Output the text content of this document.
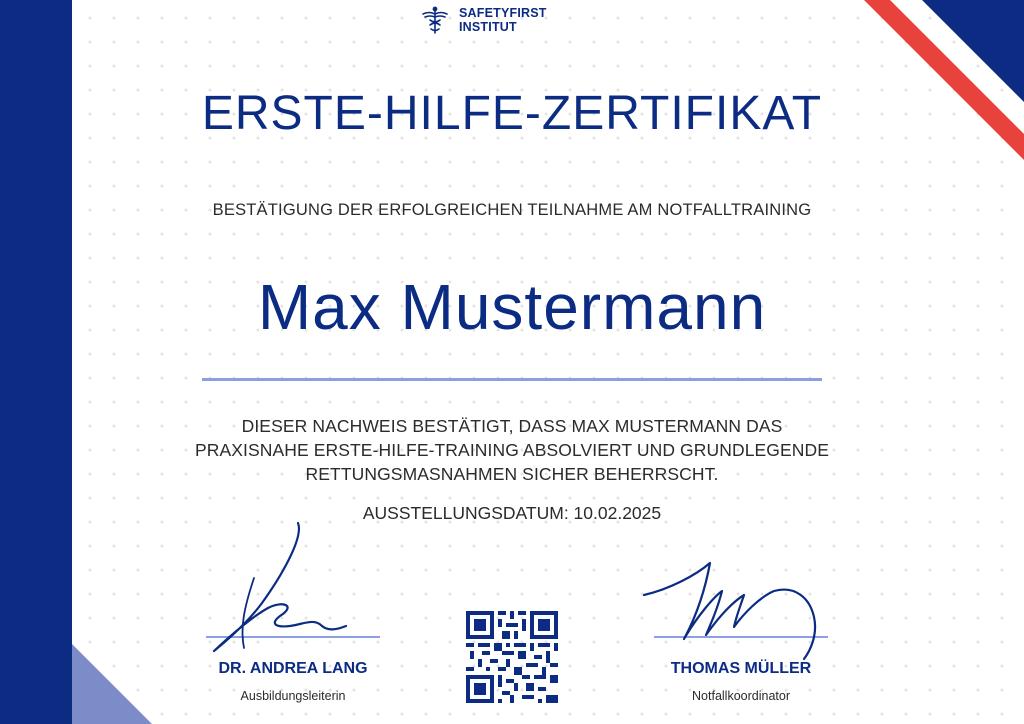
SAFETYFIRST
INSTITUT
ERSTE-HILFE-ZERTIFIKAT
BESTÄTIGUNG DER ERFOLGREICHEN TEILNAHME AM NOTFALLTRAINING
Max Mustermann
DIESER NACHWEIS BESTÄTIGT, DASS MAX MUSTERMANN DAS
PRAXISNAHE ERSTE-HILFE-TRAINING ABSOLVIERT UND GRUNDLEGENDE
RETTUNGSMASNAHMEN SICHER BEHERRSCHT.
AUSSTELLUNGSDATUM: 10.02.2025
DR. ANDREA LANG
Ausbildungsleiterin
THOMAS MÜLLER
Notfallkoordinator
